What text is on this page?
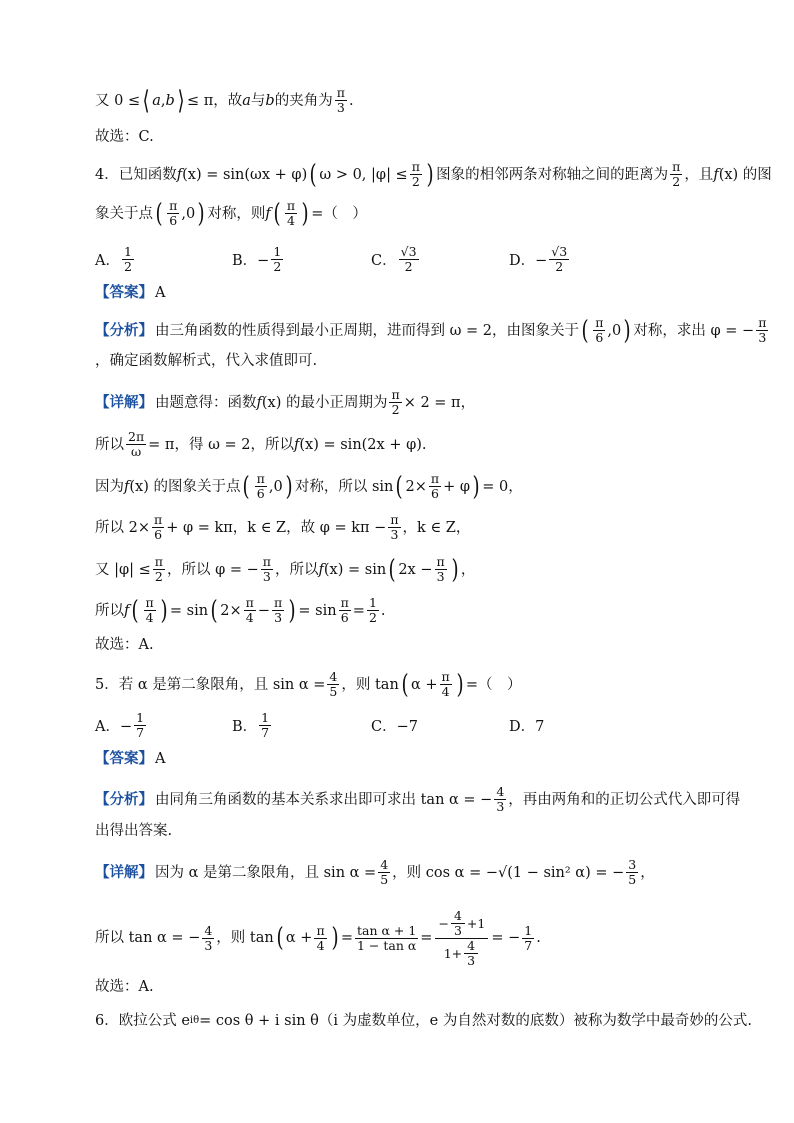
又 0 ≤ ⟨ a , b ⟩ ≤ π，故 a 与 b 的夹角为 $\frac{\pi}{3}$ .
故选：C.
4．已知函数 f (x) = sin(ωx + φ) ( ω > 0, $|\varphi| \le \frac{\pi}{2}$ ) 图象的相邻两条对称轴之间的距离为 $\frac{\pi}{2}$ ，且 f (x) 的图
象关于点 ( $\frac{\pi}{6} ,0$ ) 对称，则 f ( $\frac{\pi}{4}$ ) =（　）
A． $\frac{1}{2}$	B．− $\frac{1}{2}$	C． $\frac{√3}{2}$	D．− $\frac{√3}{2}$
【答案】 A
【分析】 由三角函数的性质得到最小正周期，进而得到 ω = 2，由图象关于 ( $\frac{\pi}{6} ,0$ ) 对称，求出 φ = − $\frac{\pi}{3}$
，确定函数解析式，代入求值即可.
【详解】 由题意得：函数 f (x) 的最小正周期为 $\frac{\pi}{2} \times 2 = \pi$，
所以 $\frac{2\pi}{\omega} = \pi$，得 ω = 2，所以 f (x) = sin(2x + φ).
因为 f (x) 的图象关于点 ( $\frac{\pi}{6} ,0$ ) 对称，所以 sin ( $2\times \frac{\pi}{6} + \varphi$ ) = 0，
所以 $2\times \frac{\pi}{6} + \varphi = k\pi$，k ∈ Z，故 $\varphi = k\pi - \frac{\pi}{3}$ ，k ∈ Z，
又 $|\varphi| \le \frac{\pi}{2}$ ，所以 φ = − $\frac{\pi}{3}$ ，所以 f (x) = sin ( $2x - \frac{\pi}{3}$ ) ，
所以 f ( $\frac{\pi}{4}$ ) = sin ( $2\times \frac{\pi}{4} - \frac{\pi}{3}$ ) = $\sin \frac{\pi}{6} = \frac{1}{2}$ .
故选：A.
5．若 α 是第二象限角，且 $\sin \alpha = \frac{4}{5}$ ，则 tan ( $\alpha + \frac{\pi}{4}$ ) =（　）
A．− $\frac{1}{7}$	B． $\frac{1}{7}$	C．−7	D．7
【答案】 A
【分析】 由同角三角函数的基本关系求出即可求出 tan α = − $\frac{4}{3}$ ，再由两角和的正切公式代入即可得
出得出答案.
【详解】 因为 α 是第二象限角，且 $\sin \alpha = \frac{4}{5}$ ，则 cos α = −√(1 − sin² α) = − $\frac{3}{5}$ ，
所以 tan α = − $\frac{4}{3}$ ，则 tan ( $\alpha + \frac{\pi}{4}$ ) = $\frac{\text{tan α + 1}}{\text{1 − tan α}} = \frac{- \frac{4}{3} +1}{1+ \frac{4}{3}}$ = − $\frac{1}{7}$ .
故选：A.
6．欧拉公式 e iθ = cos θ + i sin θ（i 为虚数单位，e 为自然对数的底数）被称为数学中最奇妙的公式.
